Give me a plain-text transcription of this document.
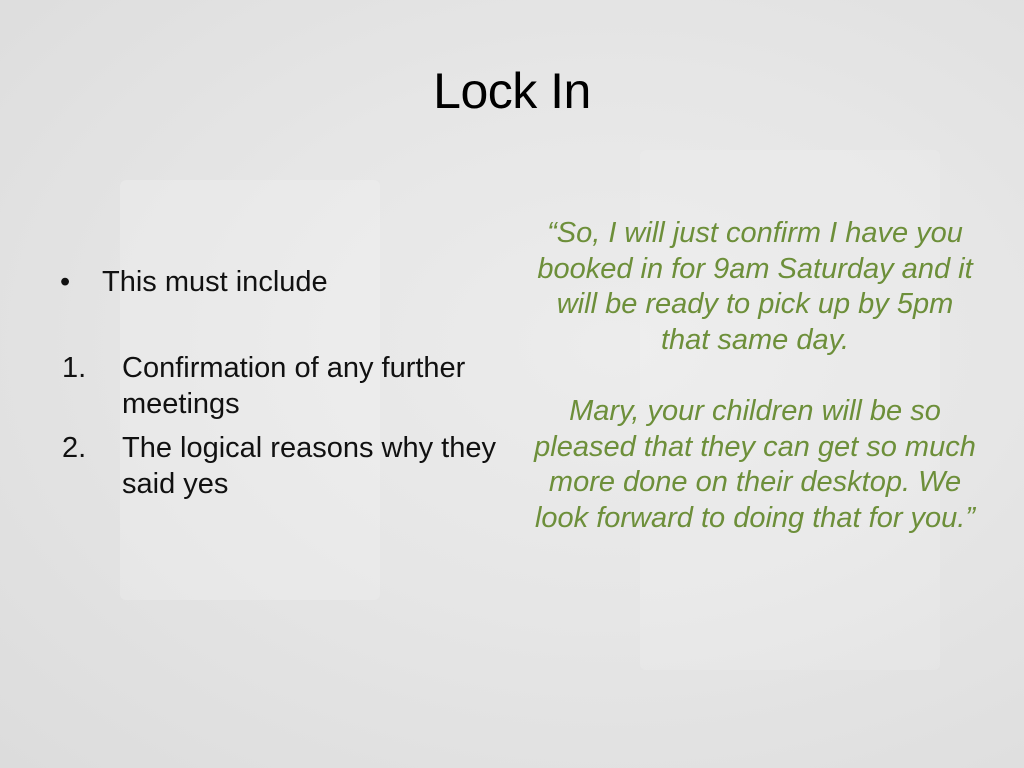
Lock In
•	This must include
1.	Confirmation of any further meetings
2.	The logical reasons why they said yes

“So, I will just confirm I have you booked in for 9am Saturday and it will be ready to pick up by 5pm that same day.

Mary, your children will be so pleased that they can get so much more done on their desktop. We look forward to doing that for you.”
